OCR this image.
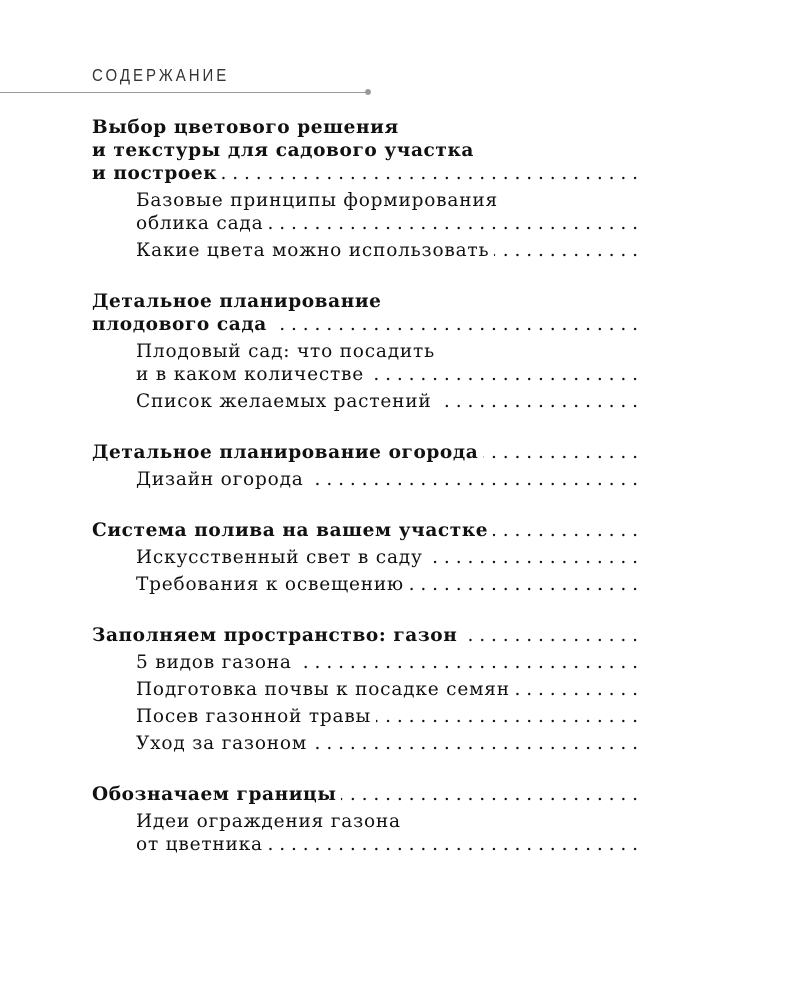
СОДЕРЖАНИЕ
Выбор цветового решения
и текстуры для садового участка
и построек
. . .
Базовые принципы формирования
облика сада
. . .
Какие цвета можно использовать
. . .
Детальное планирование
плодового сада
. . .
Плодовый сад: что посадить
и в каком количестве
. . .
Список желаемых растений
. . .
Детальное планирование огорода
. . .
Дизайн огорода
. . .
Система полива на вашем участке
. . .
Искусственный свет в саду
. . .
Требования к освещению
. . .
Заполняем пространство: газон
. . .
5 видов газона
. . .
Подготовка почвы к посадке семян
. . .
Посев газонной травы
. . .
Уход за газоном
. . .
Обозначаем границы
. . .
Идеи ограждения газона
от цветника
. . .
